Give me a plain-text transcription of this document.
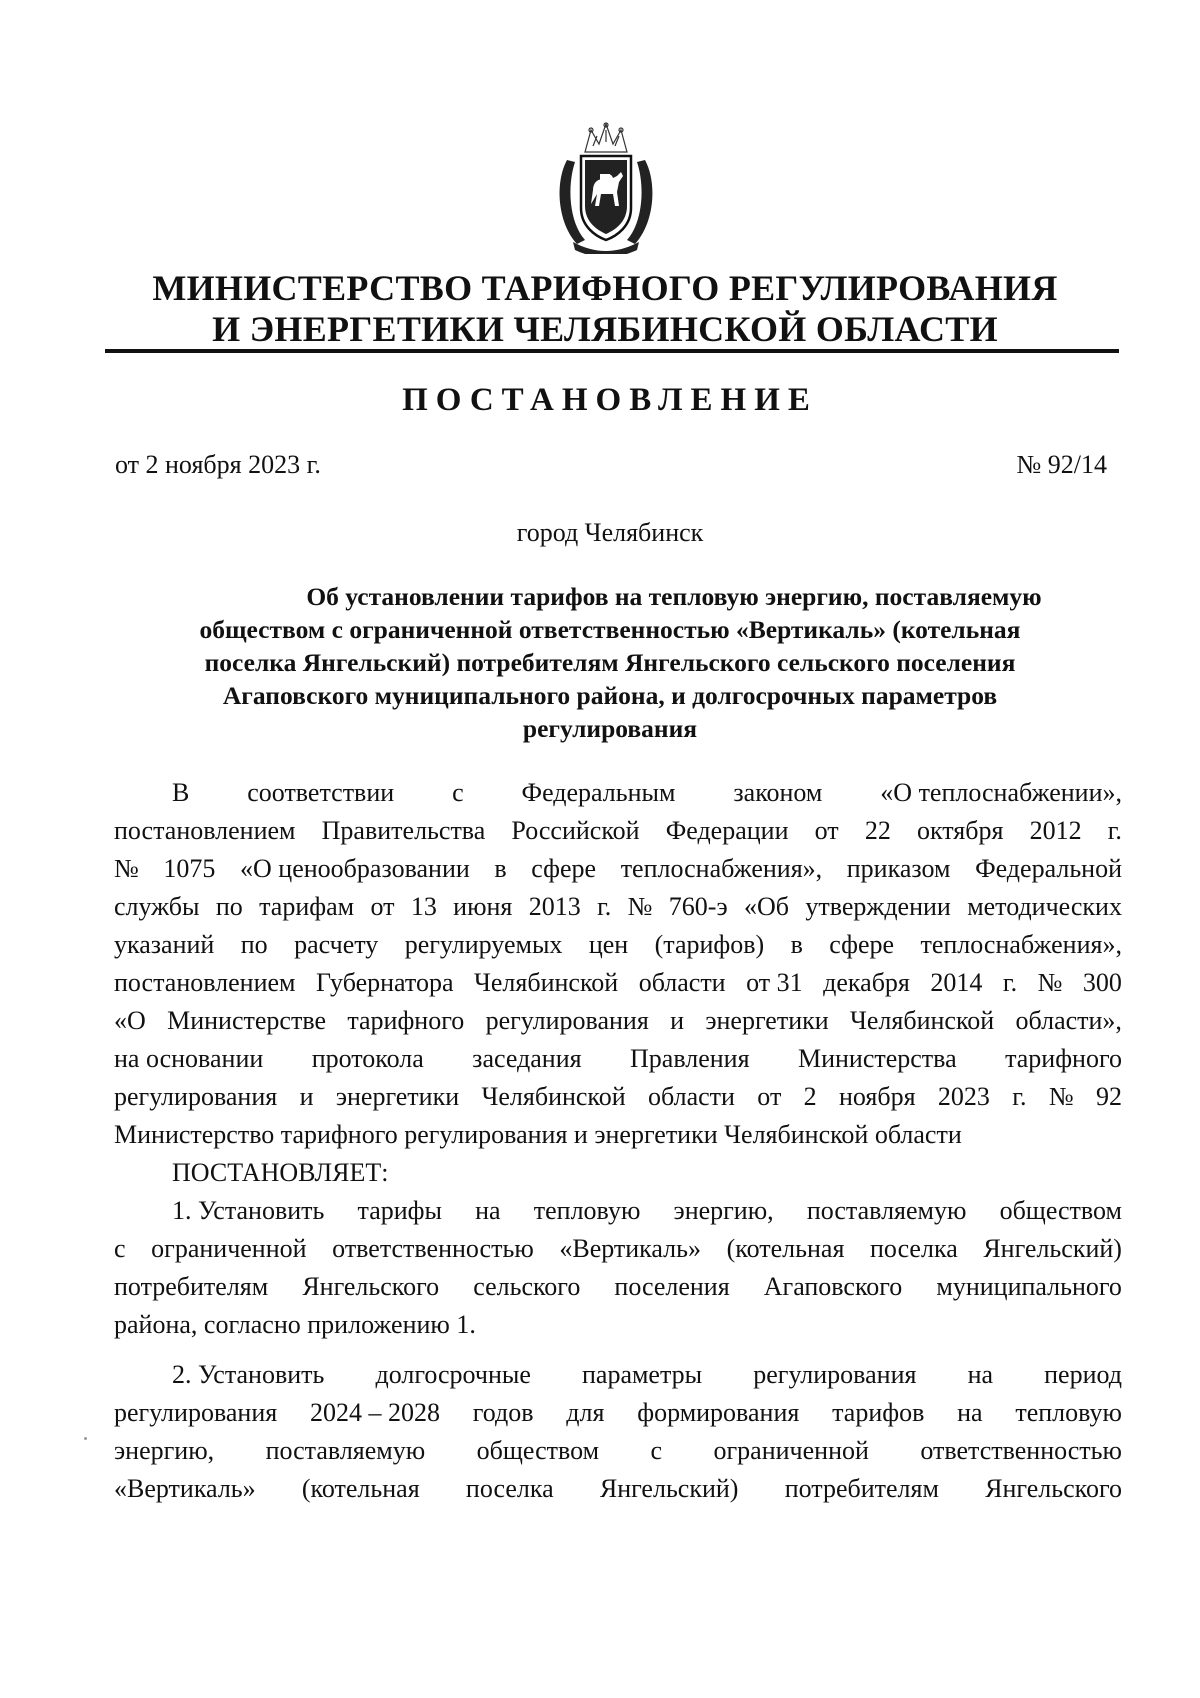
МИНИСТЕРСТВО ТАРИФНОГО РЕГУЛИРОВАНИЯ
И ЭНЕРГЕТИКИ ЧЕЛЯБИНСКОЙ ОБЛАСТИ
ПОСТАНОВЛЕНИЕ
от 2 ноября 2023 г.	№ 92/14
город Челябинск
Об установлении тарифов на тепловую энергию, поставляемую
обществом с ограниченной ответственностью «Вертикаль» (котельная
поселка Янгельский) потребителям Янгельского сельского поселения
Агаповского муниципального района, и долгосрочных параметров
регулирования
В соответствии с Федеральным законом «О теплоснабжении»,
постановлением Правительства Российской Федерации от 22 октября 2012 г.
№ 1075 «О ценообразовании в сфере теплоснабжения», приказом Федеральной
службы по тарифам от 13 июня 2013 г. № 760-э «Об утверждении методических
указаний по расчету регулируемых цен (тарифов) в сфере теплоснабжения»,
постановлением Губернатора Челябинской области от 31 декабря 2014 г. № 300
«О Министерстве тарифного регулирования и энергетики Челябинской области»,
на основании протокола заседания Правления Министерства тарифного
регулирования и энергетики Челябинской области от 2 ноября 2023 г. № 92
Министерство тарифного регулирования и энергетики Челябинской области
ПОСТАНОВЛЯЕТ:
1. Установить тарифы на тепловую энергию, поставляемую обществом
с ограниченной ответственностью «Вертикаль» (котельная поселка Янгельский)
потребителям Янгельского сельского поселения Агаповского муниципального
района, согласно приложению 1.
2. Установить долгосрочные параметры регулирования на период
регулирования 2024 – 2028 годов для формирования тарифов на тепловую
энергию, поставляемую обществом с ограниченной ответственностью
«Вертикаль» (котельная поселка Янгельский) потребителям Янгельского
